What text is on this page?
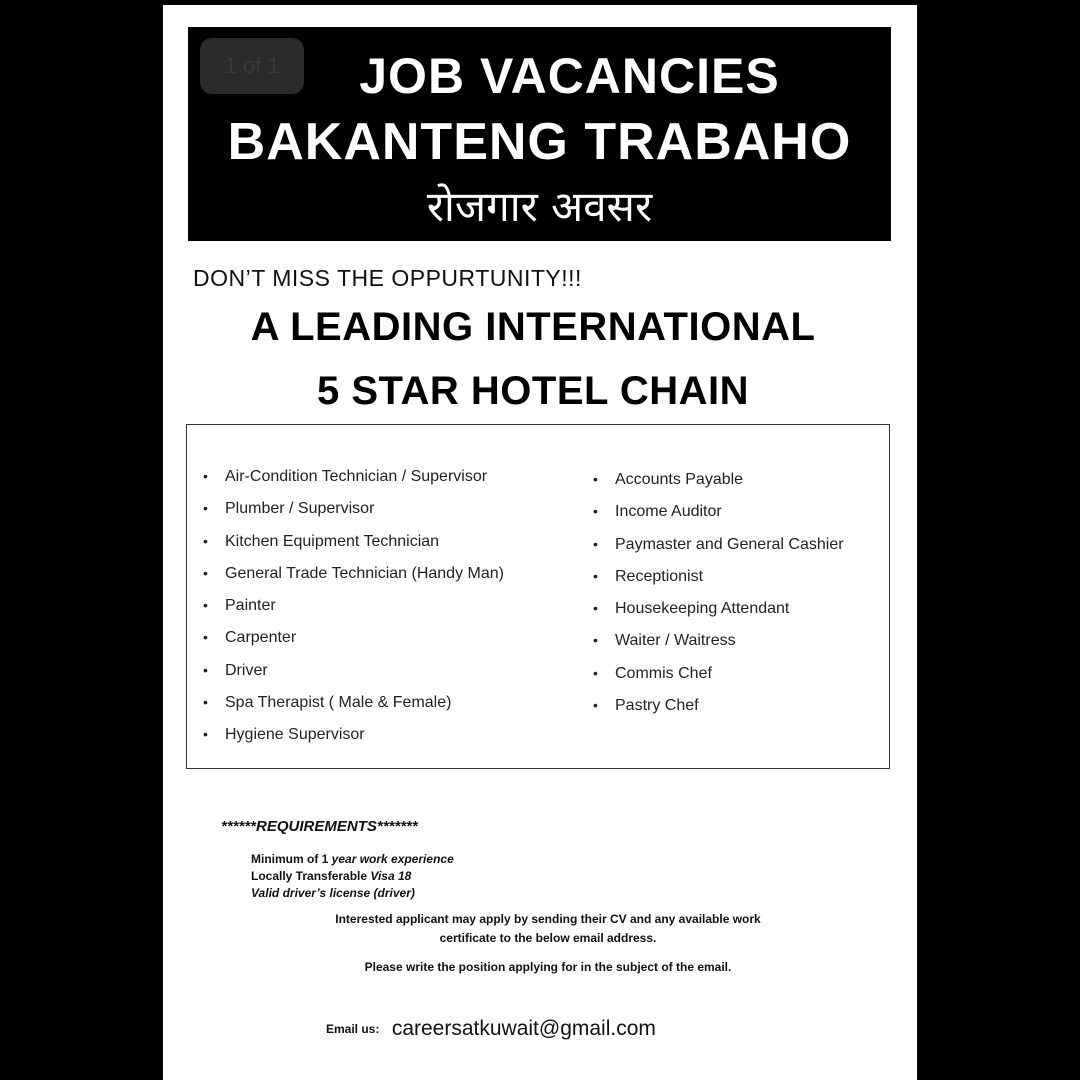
1 of 1	JOB VACANCIES
BAKANTENG TRABAHO
रोजगार अवसर
DON’T MISS THE OPPURTUNITY!!!
A LEADING INTERNATIONAL
5 STAR HOTEL CHAIN
• Air-Condition Technician / Supervisor
• Plumber / Supervisor
• Kitchen Equipment Technician
• General Trade Technician (Handy Man)
• Painter
• Carpenter
• Driver
• Spa Therapist ( Male & Female)
• Hygiene Supervisor
• Accounts Payable
• Income Auditor
• Paymaster and General Cashier
• Receptionist
• Housekeeping Attendant
• Waiter / Waitress
• Commis Chef
• Pastry Chef
******REQUIREMENTS*******
Minimum of 1 year work experience
Locally Transferable Visa 18
Valid driver’s license (driver)
Interested applicant may apply by sending their CV and any available work
certificate to the below email address.
Please write the position applying for in the subject of the email.
Email us: careersatkuwait@gmail.com
